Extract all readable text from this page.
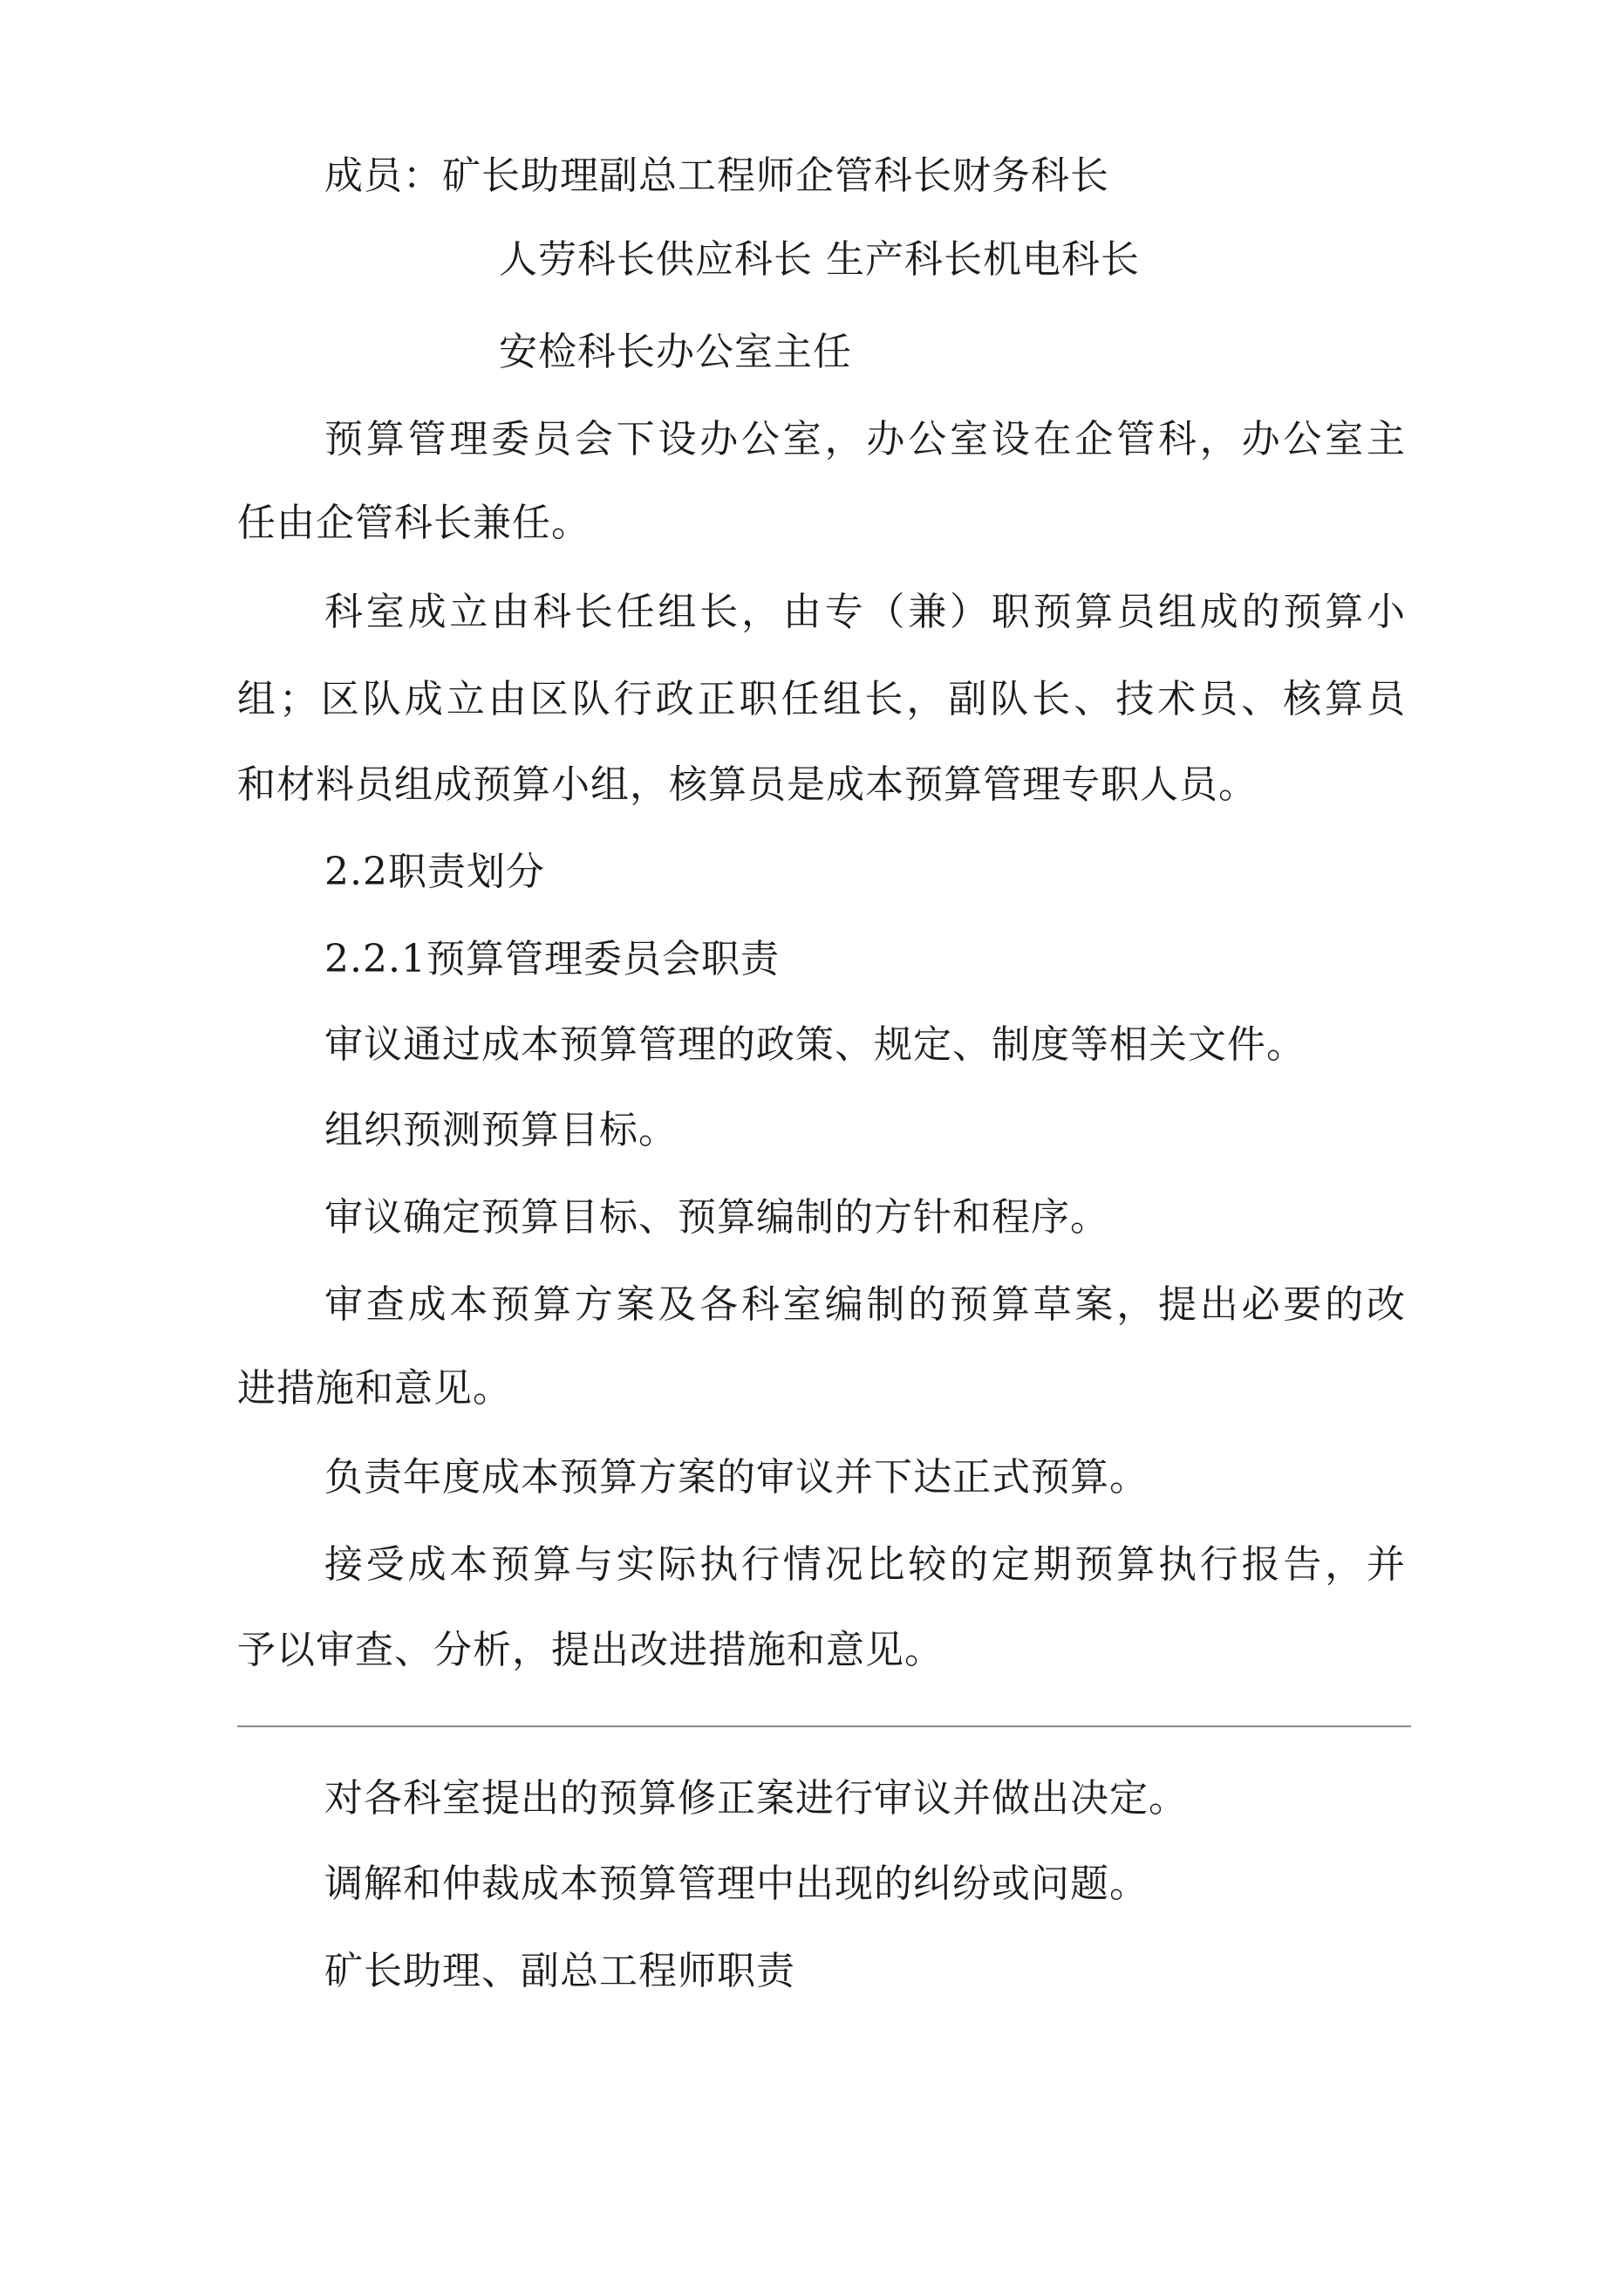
成员：矿长助理副总工程师企管科长财务科长
人劳科长供应科长 生产科长机电科长
安检科长办公室主任
预算管理委员会下设办公室，办公室设在企管科，办公室主
任由企管科长兼任。
科室成立由科长任组长，由专（兼）职预算员组成的预算小
组；区队成立由区队行政正职任组长，副队长、技术员、核算员
和材料员组成预算小组，核算员是成本预算管理专职人员。
2.2职责划分
2.2.1预算管理委员会职责
审议通过成本预算管理的政策、规定、制度等相关文件。
组织预测预算目标。
审议确定预算目标、预算编制的方针和程序。
审查成本预算方案及各科室编制的预算草案，提出必要的改
进措施和意见。
负责年度成本预算方案的审议并下达正式预算。
接受成本预算与实际执行情况比较的定期预算执行报告，并
予以审查、分析，提出改进措施和意见。
对各科室提出的预算修正案进行审议并做出决定。
调解和仲裁成本预算管理中出现的纠纷或问题。
矿长助理、副总工程师职责
